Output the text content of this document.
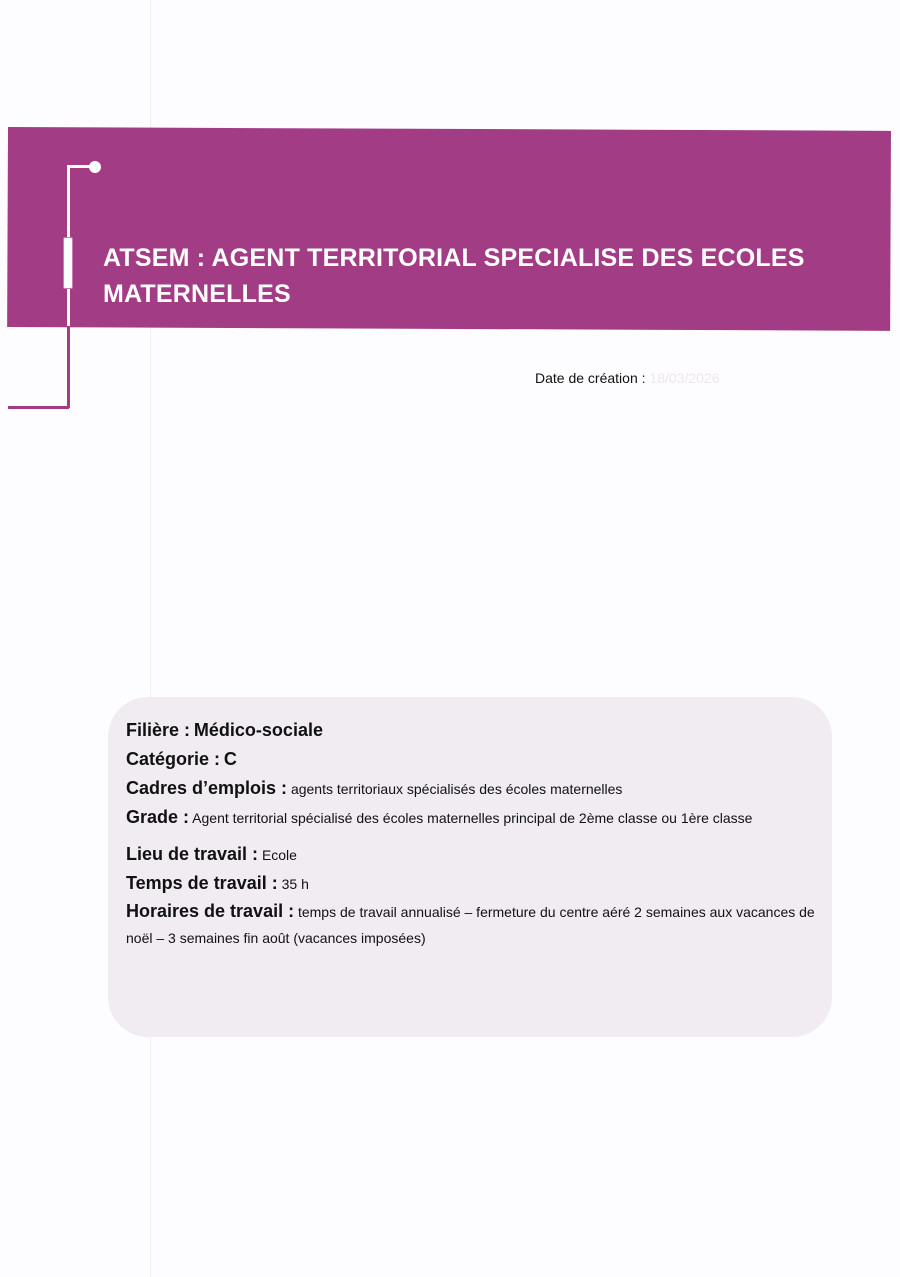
ATSEM : AGENT TERRITORIAL SPECIALISE DES ECOLES
MATERNELLES
Date de création : 18/03/2026
Filière : Médico-sociale
Catégorie : C
Cadres d’emplois : agents territoriaux spécialisés des écoles maternelles
Grade : Agent territorial spécialisé des écoles maternelles principal de 2ème classe ou 1ère classe
Lieu de travail : Ecole
Temps de travail : 35 h
Horaires de travail : temps de travail annualisé – fermeture du centre aéré 2 semaines aux vacances de noël – 3 semaines fin août (vacances imposées)
